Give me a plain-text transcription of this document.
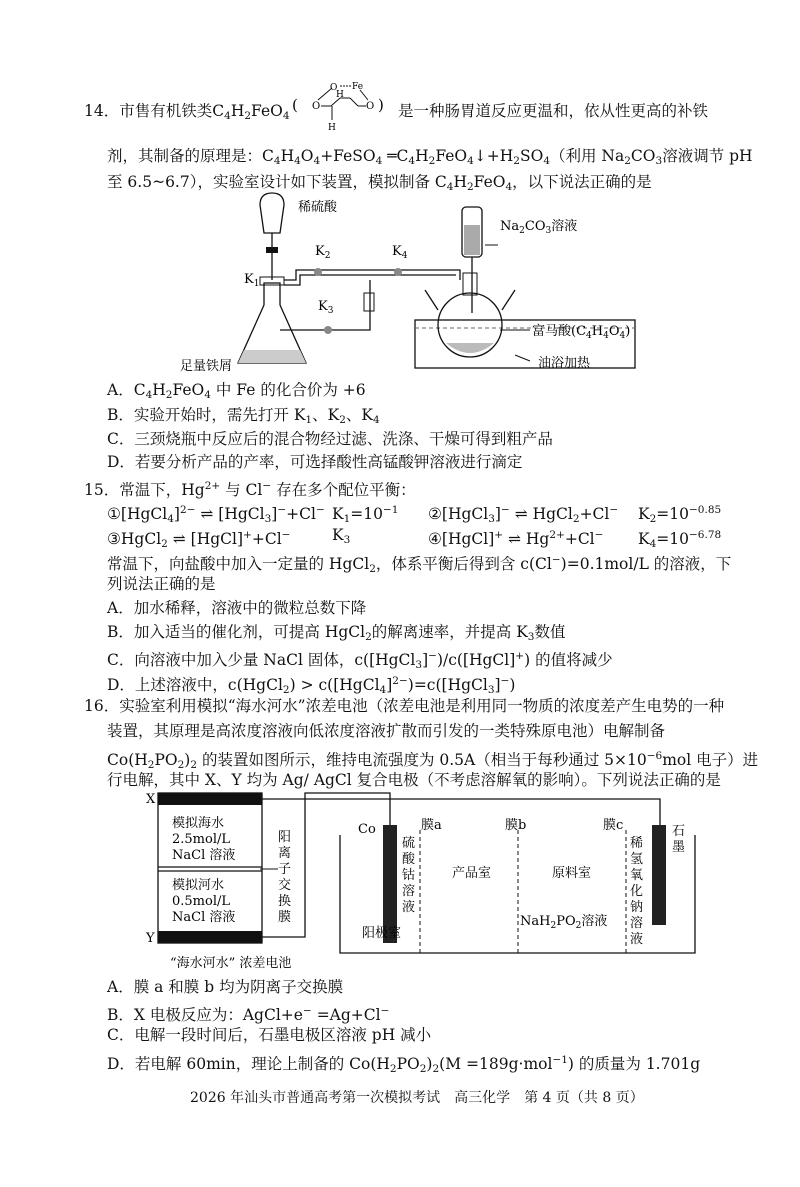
14．市售有机铁类$C_4H_2FeO_4$
( O
H
O
O Fe
H
) 是一种肠胃道反应更温和，依从性更高的补铁
剂，其制备的原理是：$C_4H_4O_4+FeSO_4$ $═C_4H_2FeO_4↓+H_2SO_4$（利用 $Na_2CO_3$溶液调节 pH
至 6.5~6.7），实验室设计如下装置，模拟制备 $C_4H_2FeO_4$，以下说法正确的是
稀硫酸
$K_1$
足量铁屑
$K_2$	$K_4$
$K_3$
$Na_2CO_3$溶液
富马酸$(C_4H_4O_4)$
油浴加热
A．$C_4H_2FeO_4$ 中 Fe 的化合价为 +6
B．实验开始时，需先打开 $K_1$、$K_2$、$K_4$
C．三颈烧瓶中反应后的混合物经过滤、洗涤、干燥可得到粗产品
D．若要分析产品的产率，可选择酸性高锰酸钾溶液进行滴定
15．常温下，$Hg^{2+}$ 与 Cl− 存在多个配位平衡：
①[HgCl$_4$]$^{2-}$ ⇌ [HgCl$_3$]−+Cl− $K_1=10^{-1}$ ②[HgCl$_3$]− ⇌ HgCl$_2$+Cl− $K_2=10^{-0.85}$
③HgCl$_2$ ⇌ [HgCl]++Cl−	$K_3$	④[HgCl]+ ⇌ $Hg^{2+}+Cl^-$ $K_4=10^{-6.78}$
常温下，向盐酸中加入一定量的 HgCl$_2$，体系平衡后得到含 c(Cl−)=0.1mol/L 的溶液，下
列说法正确的是
A．加水稀释，溶液中的微粒总数下降
B．加入适当的催化剂，可提高 HgCl$_2$的解离速率，并提高 $K_3$数值
C．向溶液中加入少量 NaCl 固体，c([HgCl$_3$]−)/c([HgCl]+) 的值将减少
D．上述溶液中，c(HgCl$_2$) > c([HgCl$_4$]$^{2-}$)=c([HgCl$_3$]−)
16．实验室利用模拟“海水河水”浓差电池（浓差电池是利用同一物质的浓度差产生电势的一种
装置，其原理是高浓度溶液向低浓度溶液扩散而引发的一类特殊原电池）电解制备
$Co(H_2PO_2)_2$ 的装置如图所示，维持电流强度为 0.5A（相当于每秒通过 $5\times 10^{-6}mol$ 电子）进
行电解，其中 X、Y 均为 Ag/ AgCl 复合电极（不考虑溶解氧的影响）。下列说法正确的是
X
Y
模拟海水
2.5mol/L
NaCl 溶液
模拟河水
0.5mol/L
NaCl 溶液
阳
离
子
交
换
膜
“海水河水” 浓差电池
Co	膜a	膜b	膜c	石
墨
硫
酸
钴
溶
液
阳极室
产品室	原料室
$NaH_2PO_2$溶液
稀
氢
氧
化
钠
溶
液
A．膜 a 和膜 b 均为阴离子交换膜
B．X 电极反应为：AgCl+e− =Ag+Cl−
C．电解一段时间后，石墨电极区溶液 pH 减小
D．若电解 60min，理论上制备的 $Co(H_2PO_2)_2(M =189g\cdot mol^{-1})$ 的质量为 1.701g
2026 年汕头市普通高考第一次模拟考试　高三化学　第 4 页（共 8 页）
